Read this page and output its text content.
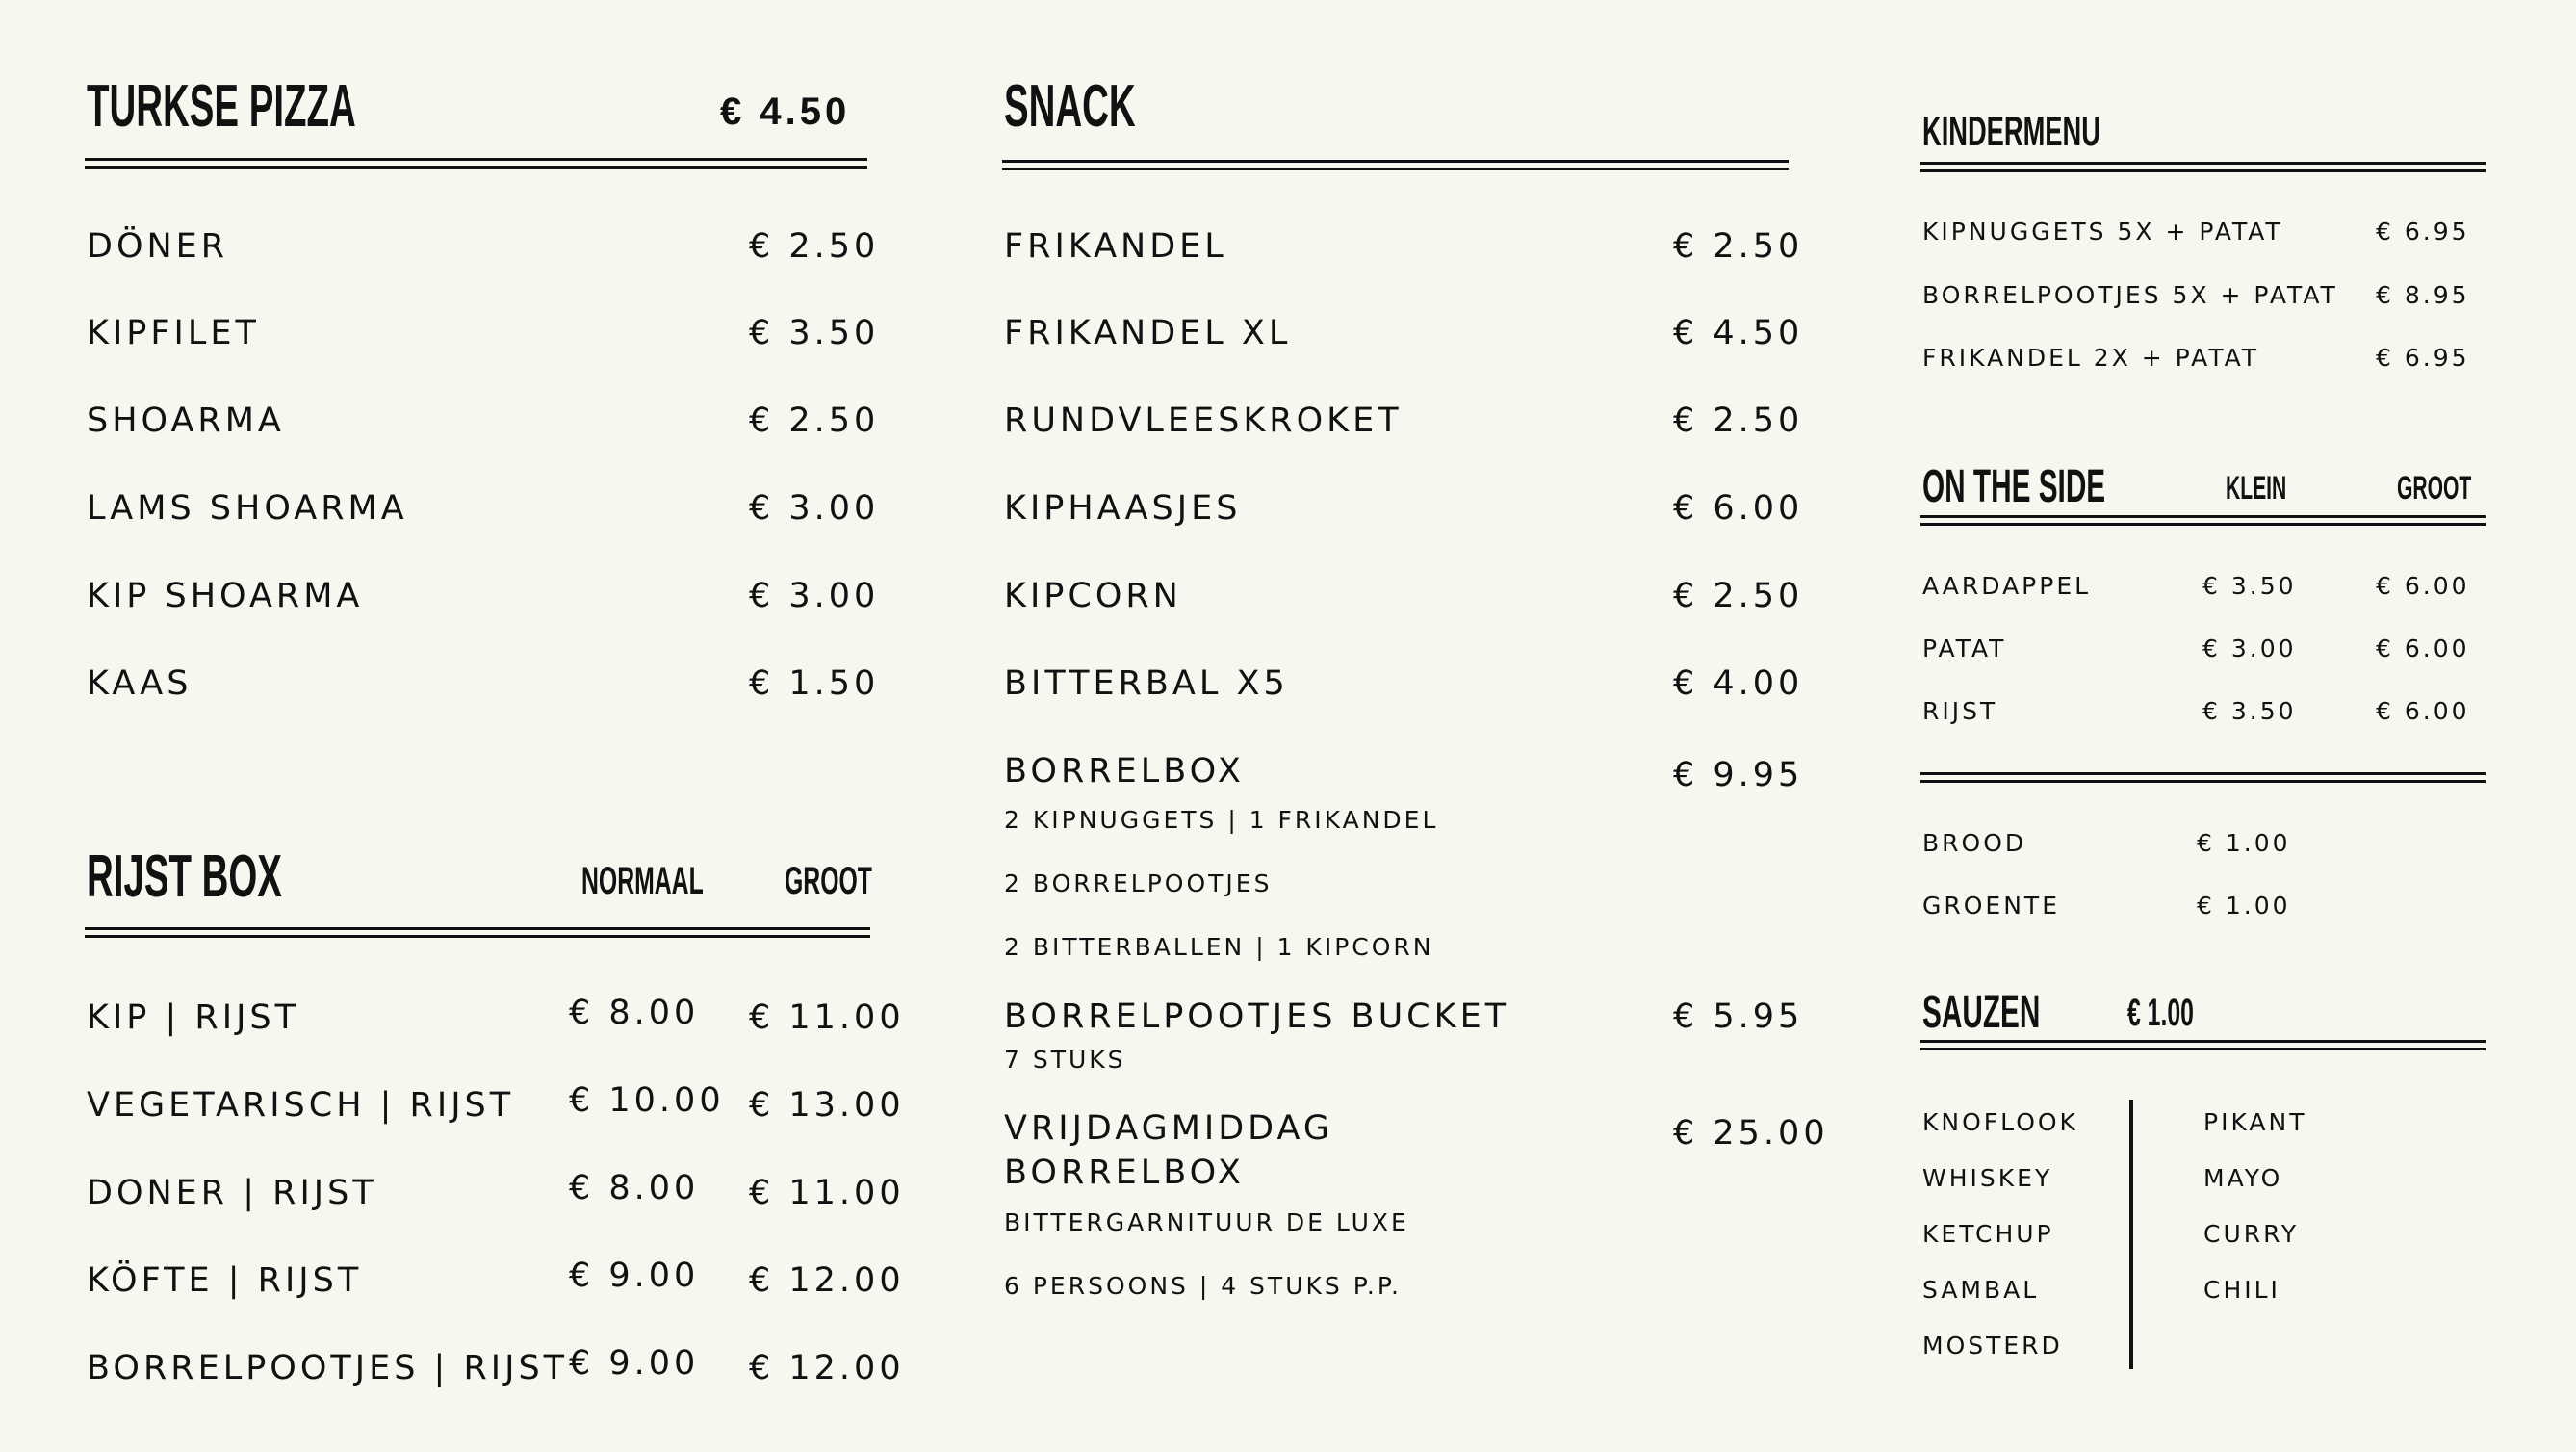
TURKSE PIZZA	€ 4.50
DÖNER	€ 2.50
KIPFILET	€ 3.50
SHOARMA	€ 2.50
LAMS SHOARMA	€ 3.00
KIP SHOARMA	€ 3.00
KAAS	€ 1.50
RIJST BOX	NORMAAL GROOT
KIP | RIJST	€ 8.00 € 11.00
VEGETARISCH | RIJST € 10.00 € 13.00
DONER | RIJST	€ 8.00 € 11.00
KÖFTE | RIJST	€ 9.00 € 12.00
BORRELPOOTJES | RIJST € 9.00 € 12.00
SNACK
FRIKANDEL	€ 2.50
FRIKANDEL XL	€ 4.50
RUNDVLEESKROKET	€ 2.50
KIPHAASJES	€ 6.00
KIPCORN	€ 2.50
BITTERBAL X5	€ 4.00
BORRELBOX	€ 9.95
2 KIPNUGGETS | 1 FRIKANDEL
2 BORRELPOOTJES
2 BITTERBALLEN | 1 KIPCORN
BORRELPOOTJES BUCKET	€ 5.95
7 STUKS
VRIJDAGMIDDAG
BORRELBOX
€ 25.00
BITTERGARNITUUR DE LUXE
6 PERSOONS | 4 STUKS P.P.
KINDERMENU
KIPNUGGETS 5X + PATAT	€ 6.95
BORRELPOOTJES 5X + PATAT € 8.95
FRIKANDEL 2X + PATAT	€ 6.95
ON THE SIDE	KLEIN	GROOT
AARDAPPEL	€ 3.50	€ 6.00
PATAT	€ 3.00	€ 6.00
RIJST	€ 3.50	€ 6.00
BROOD	€ 1.00
GROENTE	€ 1.00
SAUZEN € 1.00
KNOFLOOK
WHISKEY
KETCHUP
SAMBAL
MOSTERD
PIKANT
MAYO
CURRY
CHILI
